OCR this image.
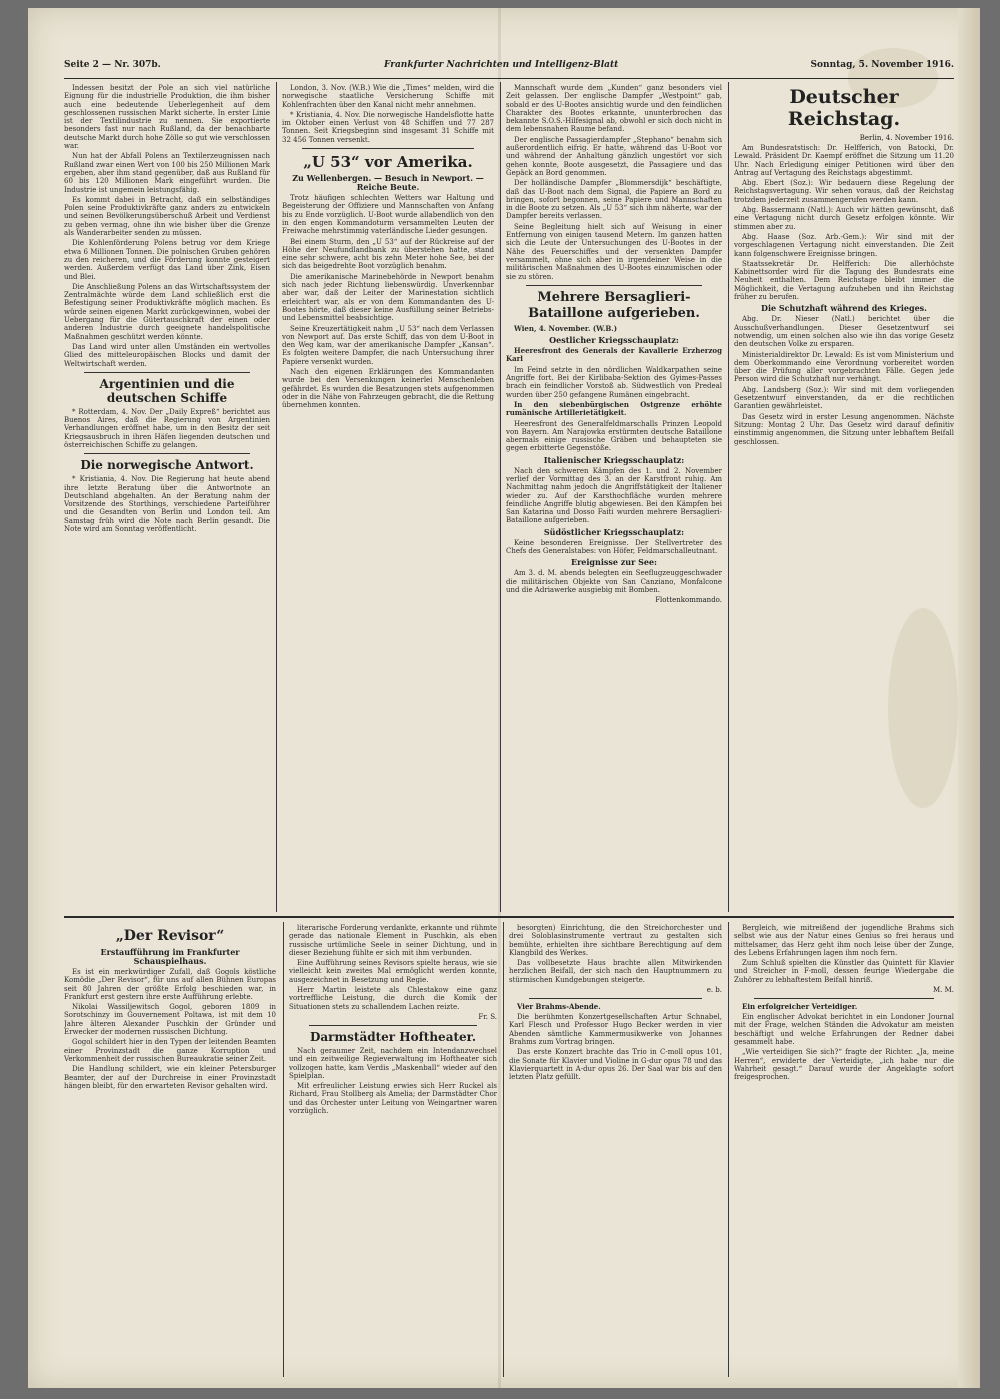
Seite 2 — Nr. 307b.	Frankfurter Nachrichten und Intelligenz-Blatt	Sonntag, 5. November 1916.

Indessen besitzt der Pole an sich viel natürliche Eignung für die industrielle Produktion, die ihm bisher auch eine bedeutende Ueberlegenheit auf dem geschlossenen russischen Markt sicherte. In erster Linie ist der Textilindustrie zu nennen. Sie exportierte besonders fast nur nach Rußland, da der benachbarte deutsche Markt durch hohe Zölle so gut wie verschlossen war.

Nun hat der Abfall Polens an Textilerzeugnissen nach Rußland zwar einen Wert von 100 bis 250 Millionen Mark ergeben, aber ihm stand gegenüber, daß aus Rußland für 60 bis 120 Millionen Mark eingeführt wurden. Die Industrie ist ungemein leistungsfähig.

Es kommt dabei in Betracht, daß ein selbständiges Polen seine Produktivkräfte ganz anders zu entwickeln und seinen Bevölkerungsüberschuß Arbeit und Verdienst zu geben vermag, ohne ihn wie bisher über die Grenze als Wanderarbeiter senden zu müssen.

Die Kohlenförderung Polens betrug vor dem Kriege etwa 6 Millionen Tonnen. Die polnischen Gruben gehören zu den reicheren, und die Förderung konnte gesteigert werden. Außerdem verfügt das Land über Zink, Eisen und Blei.

Die Anschließung Polens an das Wirtschaftssystem der Zentralmächte würde dem Land schließlich erst die Befestigung seiner Produktivkräfte möglich machen. Es würde seinen eigenen Markt zurückgewinnen, wobei der Uebergang für die Gütertauschkraft der einen oder anderen Industrie durch geeignete handelspolitische Maßnahmen geschützt werden könnte.

Das Land wird unter allen Umständen ein wertvolles Glied des mitteleuropäischen Blocks und damit der Weltwirtschaft werden.

Argentinien und die deutschen Schiffe

* Rotterdam, 4. Nov. Der „Daily Expreß“ berichtet aus Buenos Aires, daß die Regierung von Argentinien Verhandlungen eröffnet habe, um in den Besitz der seit Kriegsausbruch in ihren Häfen liegenden deutschen und österreichischen Schiffe zu gelangen.

Die norwegische Antwort.

* Kristiania, 4. Nov. Die Regierung hat heute abend ihre letzte Beratung über die Antwortnote an Deutschland abgehalten. An der Beratung nahm der Vorsitzende des Storthings, verschiedene Parteiführer und die Gesandten von Berlin und London teil. Am Samstag früh wird die Note nach Berlin gesandt. Die Note wird am Sonntag veröffentlicht.

London, 3. Nov. (W.B.) Wie die „Times“ melden, wird die norwegische staatliche Versicherung Schiffe mit Kohlenfrachten über den Kanal nicht mehr annehmen.

* Kristiania, 4. Nov. Die norwegische Handelsflotte hatte im Oktober einen Verlust von 48 Schiffen und 77 287 Tonnen. Seit Kriegsbeginn sind insgesamt 31 Schiffe mit 32 456 Tonnen versenkt.

„U 53“ vor Amerika.
Zu Wellenbergen. — Besuch in Newport. — Reiche Beute.

Trotz häufigen schlechten Wetters war Haltung und Begeisterung der Offiziere und Mannschaften von Anfang bis zu Ende vorzüglich. U-Boot wurde allabendlich von den in den engen Kommandoturm versammelten Leuten der Freiwache mehrstimmig vaterländische Lieder gesungen.

Bei einem Sturm, den „U 53“ auf der Rückreise auf der Höhe der Neufundlandbank zu überstehen hatte, stand eine sehr schwere, acht bis zehn Meter hohe See, bei der sich das beigedrehte Boot vorzüglich benahm.

Die amerikanische Marinebehörde in Newport benahm sich nach jeder Richtung liebenswürdig. Unverkennbar aber war, daß der Leiter der Marinestation sichtlich erleichtert war, als er von dem Kommandanten des U-Bootes hörte, daß dieser keine Ausfüllung seiner Betriebs- und Lebensmittel beabsichtige.

Seine Kreuzertätigkeit nahm „U 53“ nach dem Verlassen von Newport auf. Das erste Schiff, das von dem U-Boot in den Weg kam, war der amerikanische Dampfer „Kansan“. Es folgten weitere Dampfer, die nach Untersuchung ihrer Papiere versenkt wurden.

Nach den eigenen Erklärungen des Kommandanten wurde bei den Versenkungen keinerlei Menschenleben gefährdet. Es wurden die Besatzungen stets aufgenommen oder in die Nähe von Fahrzeugen gebracht, die die Rettung übernehmen konnten.

Mannschaft wurde dem „Kunden“ ganz besonders viel Zeit gelassen. Der englische Dampfer „Westpoint“ gab, sobald er des U-Bootes ansichtig wurde und den feindlichen Charakter des Bootes erkannte, ununterbrochen das bekannte S.O.S.-Hilfesignal ab, obwohl er sich doch nicht in dem lebensnahen Raume befand.

Der englische Passagierdampfer „Stephano“ benahm sich außerordentlich eifrig. Er hatte, während das U-Boot vor und während der Anhaltung gänzlich ungestört vor sich gehen konnte, Boote ausgesetzt, die Passagiere und das Gepäck an Bord genommen.

Der holländische Dampfer „Blommersdijk“ beschäftigte, daß das U-Boot nach dem Signal, die Papiere an Bord zu bringen, sofort begonnen, seine Papiere und Mannschaften in die Boote zu setzen. Als „U 53“ sich ihm näherte, war der Dampfer bereits verlassen.

Seine Begleitung hielt sich auf Weisung in einer Entfernung von einigen tausend Metern. Im ganzen hatten sich die Leute der Untersuchungen des U-Bootes in der Nähe des Feuerschiffes und der versenkten Dampfer versammelt, ohne sich aber in irgendeiner Weise in die militärischen Maßnahmen des U-Bootes einzumischen oder sie zu stören.

Mehrere Bersaglieri-Bataillone aufgerieben.

Wien, 4. November. (W.B.)

Oestlicher Kriegsschauplatz:

Heeresfront des Generals der Kavallerie Erzherzog Karl

Im Feind setzte in den nördlichen Waldkarpathen seine Angriffe fort. Bei der Kirlibaba-Sektion des Gyimes-Passes brach ein feindlicher Vorstoß ab. Südwestlich von Predeal wurden über 250 gefangene Rumänen eingebracht.

In den siebenbürgischen Ostgrenze erhöhte rumänische Artillerietätigkeit.

Heeresfront des Generalfeldmarschalls Prinzen Leopold von Bayern. Am Narajowka erstürmten deutsche Bataillone abermals einige russische Gräben und behaupteten sie gegen erbitterte Gegenstöße.

Italienischer Kriegsschauplatz:

Nach den schweren Kämpfen des 1. und 2. November verlief der Vormittag des 3. an der Karstfront ruhig. Am Nachmittag nahm jedoch die Angriffstätigkeit der Italiener wieder zu. Auf der Karsthochfläche wurden mehrere feindliche Angriffe blutig abgewiesen. Bei den Kämpfen bei San Katarina und Dosso Faiti wurden mehrere Bersaglieri-Bataillone aufgerieben.

Südöstlicher Kriegsschauplatz:

Keine besonderen Ereignisse. Der Stellvertreter des Chefs des Generalstabes: von Höfer, Feldmarschalleutnant.

Ereignisse zur See:

Am 3. d. M. abends belegten ein Seeflugzeuggeschwader die militärischen Objekte von San Canziano, Monfalcone und die Adriawerke ausgiebig mit Bomben.

Flottenkommando.
Deutscher Reichstag.
Berlin, 4. November 1916.

Am Bundesratstisch: Dr. Helfferich, von Batocki, Dr. Lewald. Präsident Dr. Kaempf eröffnet die Sitzung um 11.20 Uhr. Nach Erledigung einiger Petitionen wird über den Antrag auf Vertagung des Reichstags abgestimmt.

Abg. Ebert (Soz.): Wir bedauern diese Regelung der Reichstagsvertagung. Wir sehen voraus, daß der Reichstag trotzdem jederzeit zusammengerufen werden kann.

Abg. Bassermann (Natl.): Auch wir hätten gewünscht, daß eine Vertagung nicht durch Gesetz erfolgen könnte. Wir stimmen aber zu.

Abg. Haase (Soz. Arb.-Gem.): Wir sind mit der vorgeschlagenen Vertagung nicht einverstanden. Die Zeit kann folgenschwere Ereignisse bringen.

Staatssekretär Dr. Helfferich: Die allerhöchste Kabinettsorder wird für die Tagung des Bundesrats eine Neuheit enthalten. Dem Reichstage bleibt immer die Möglichkeit, die Vertagung aufzuheben und ihn Reichstag früher zu berufen.

Die Schutzhaft während des Krieges.

Abg. Dr. Nieser (Natl.) berichtet über die Ausschußverhandlungen. Dieser Gesetzentwurf sei notwendig, um einen solchen also wie ihn das vorige Gesetz den deutschen Volke zu ersparen.

Ministerialdirektor Dr. Lewald: Es ist vom Ministerium und dem Oberkommando eine Verordnung vorbereitet worden über die Prüfung aller vorgebrachten Fälle. Gegen jede Person wird die Schutzhaft nur verhängt.

Abg. Landsberg (Soz.): Wir sind mit dem vorliegenden Gesetzentwurf einverstanden, da er die rechtlichen Garantien gewährleistet.

Das Gesetz wird in erster Lesung angenommen. Nächste Sitzung: Montag 2 Uhr. Das Gesetz wird darauf definitiv einstimmig angenommen, die Sitzung unter lebhaftem Beifall geschlossen.

„Der Revisor“
Erstaufführung im Frankfurter Schauspielhaus.

Es ist ein merkwürdiger Zufall, daß Gogols köstliche Komödie „Der Revisor“, für uns auf allen Bühnen Europas seit 80 Jahren der größte Erfolg beschieden war, in Frankfurt erst gestern ihre erste Aufführung erlebte.

Nikolai Wassiljewitsch Gogol, geboren 1809 in Sorotschinzy im Gouvernement Poltawa, ist mit dem 10 Jahre älteren Alexander Puschkin der Gründer und Erwecker der modernen russischen Dichtung.

Gogol schildert hier in den Typen der leitenden Beamten einer Provinzstadt die ganze Korruption und Verkommenheit der russischen Bureaukratie seiner Zeit.

Die Handlung schildert, wie ein kleiner Petersburger Beamter, der auf der Durchreise in einer Provinzstadt hängen bleibt, für den erwarteten Revisor gehalten wird.

literarische Forderung verdankte, erkannte und rühmte gerade das nationale Element in Puschkin, als eben russische urtümliche Seele in seiner Dichtung, und in dieser Beziehung fühlte er sich mit ihm verbunden.

Eine Aufführung seines Revisors spielte heraus, wie sie vielleicht kein zweites Mal ermöglicht werden konnte, ausgezeichnet in Besetzung und Regie.

Herr Martin leistete als Chlestakow eine ganz vortreffliche Leistung, die durch die Komik der Situationen stets zu schallendem Lachen reizte.

Fr. S.
Darmstädter Hoftheater.

Nach geraumer Zeit, nachdem ein Intendanzwechsel und ein zeitweilige Regieverwaltung im Hoftheater sich vollzogen hatte, kam Verdis „Maskenball“ wieder auf den Spielplan.

Mit erfreulicher Leistung erwies sich Herr Ruckel als Richard, Frau Stollberg als Amelia; der Darmstädter Chor und das Orchester unter Leitung von Weingartner waren vorzüglich.

besorgten) Einrichtung, die den Streichorchester und drei Soloblasinstrumente vertraut zu gestalten sich bemühte, erhielten ihre sichtbare Berechtigung auf dem Klangbild des Werkes.

Das vollbesetzte Haus brachte allen Mitwirkenden herzlichen Beifall, der sich nach den Hauptnummern zu stürmischen Kundgebungen steigerte.

e. b.
Vier Brahms-Abende.

Die berühmten Konzertgesellschaften Artur Schnabel, Karl Flesch und Professor Hugo Becker werden in vier Abenden sämtliche Kammermusikwerke von Johannes Brahms zum Vortrag bringen.

Das erste Konzert brachte das Trio in C-moll opus 101, die Sonate für Klavier und Violine in G-dur opus 78 und das Klavierquartett in A-dur opus 26. Der Saal war bis auf den letzten Platz gefüllt.

Bergleich, wie mitreißend der jugendliche Brahms sich selbst wie aus der Natur eines Genius so frei heraus und mittelsamer, das Herz geht ihm noch leise über der Zunge, des Lebens Erfahrungen lagen ihm noch fern.

Zum Schluß spielten die Künstler das Quintett für Klavier und Streicher in F-moll, dessen feurige Wiedergabe die Zuhörer zu lebhaftestem Beifall hinriß.

M. M.
Ein erfolgreicher Verteidiger.

Ein englischer Advokat berichtet in ein Londoner Journal mit der Frage, welchen Ständen die Advokatur am meisten beschäftigt und welche Erfahrungen der Redner dabei gesammelt habe.

„Wie verteidigen Sie sich?“ fragte der Richter. „Ja, meine Herren“, erwiderte der Verteidigte, „ich habe nur die Wahrheit gesagt.“ Darauf wurde der Angeklagte sofort freigesprochen.
